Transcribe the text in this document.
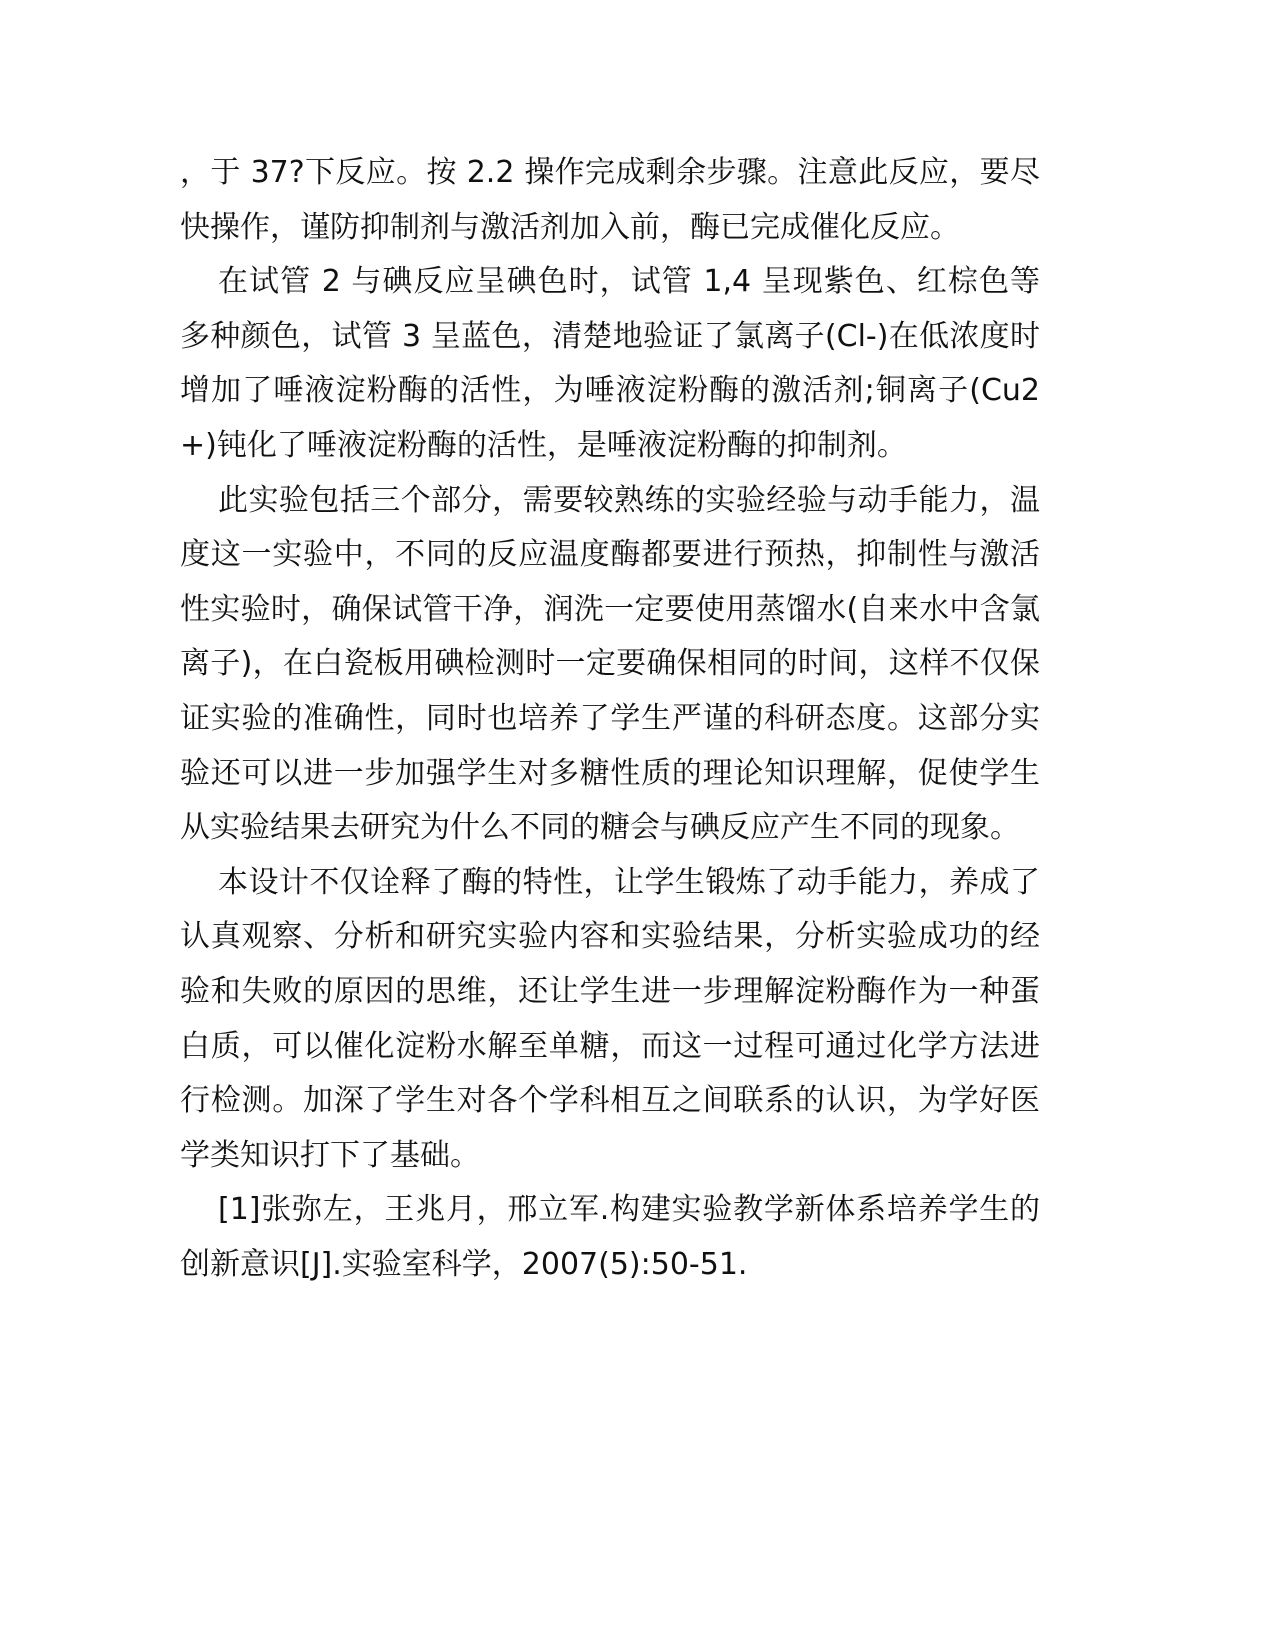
，于 37?下反应。按 2.2 操作完成剩余步骤。注意此反应，要尽快操作，谨防抑制剂与激活剂加入前，酶已完成催化反应。

在试管 2 与碘反应呈碘色时，试管 1,4 呈现紫色、红棕色等多种颜色，试管 3 呈蓝色，清楚地验证了氯离子(Cl-)在低浓度时增加了唾液淀粉酶的活性，为唾液淀粉酶的激活剂;铜离子(Cu2+)钝化了唾液淀粉酶的活性，是唾液淀粉酶的抑制剂。

此实验包括三个部分，需要较熟练的实验经验与动手能力，温度这一实验中，不同的反应温度酶都要进行预热，抑制性与激活性实验时，确保试管干净，润洗一定要使用蒸馏水(自来水中含氯离子)，在白瓷板用碘检测时一定要确保相同的时间，这样不仅保证实验的准确性，同时也培养了学生严谨的科研态度。这部分实验还可以进一步加强学生对多糖性质的理论知识理解，促使学生从实验结果去研究为什么不同的糖会与碘反应产生不同的现象。

本设计不仅诠释了酶的特性，让学生锻炼了动手能力，养成了认真观察、分析和研究实验内容和实验结果，分析实验成功的经验和失败的原因的思维，还让学生进一步理解淀粉酶作为一种蛋白质，可以催化淀粉水解至单糖，而这一过程可通过化学方法进行检测。加深了学生对各个学科相互之间联系的认识，为学好医学类知识打下了基础。

[1]张弥左，王兆月，邢立军.构建实验教学新体系培养学生的创新意识[J].实验室科学，2007(5):50-51.
